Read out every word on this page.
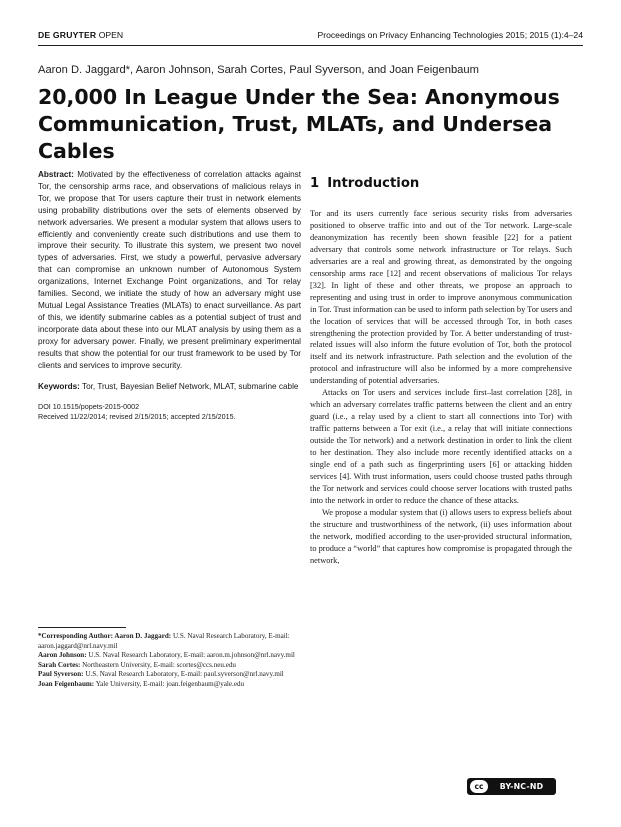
DE GRUYTER OPEN	Proceedings on Privacy Enhancing Technologies 2015; 2015 (1):4–24
Aaron D. Jaggard*, Aaron Johnson, Sarah Cortes, Paul Syverson, and Joan Feigenbaum
20,000 In League Under the Sea: Anonymous Communication, Trust, MLATs, and Undersea Cables
Abstract: Motivated by the effectiveness of correlation attacks against Tor, the censorship arms race, and observations of malicious relays in Tor, we propose that Tor users capture their trust in network elements using probability distributions over the sets of elements observed by network adversaries. We present a modular system that allows users to efficiently and conveniently create such distributions and use them to improve their security. To illustrate this system, we present two novel types of adversaries. First, we study a powerful, pervasive adversary that can compromise an unknown number of Autonomous System organizations, Internet Exchange Point organizations, and Tor relay families. Second, we initiate the study of how an adversary might use Mutual Legal Assistance Treaties (MLATs) to enact surveillance. As part of this, we identify submarine cables as a potential subject of trust and incorporate data about these into our MLAT analysis by using them as a proxy for adversary power. Finally, we present preliminary experimental results that show the potential for our trust framework to be used by Tor clients and services to improve security.
Keywords: Tor, Trust, Bayesian Belief Network, MLAT, submarine cable
DOI 10.1515/popets-2015-0002
Received 11/22/2014; revised 2/15/2015; accepted 2/15/2015.
*Corresponding Author: Aaron D. Jaggard: U.S. Naval Research Laboratory, E-mail: aaron.jaggard@nrl.navy.mil
Aaron Johnson: U.S. Naval Research Laboratory, E-mail: aaron.m.johnson@nrl.navy.mil
Sarah Cortes: Northeastern University, E-mail: scortes@ccs.neu.edu
Paul Syverson: U.S. Naval Research Laboratory, E-mail: paul.syverson@nrl.navy.mil
Joan Feigenbaum: Yale University, E-mail: joan.feigenbaum@yale.edu
1 Introduction

Tor and its users currently face serious security risks from adversaries positioned to observe traffic into and out of the Tor network. Large-scale deanonymization has recently been shown feasible [22] for a patient adversary that controls some network infrastructure or Tor relays. Such adversaries are a real and growing threat, as demonstrated by the ongoing censorship arms race [12] and recent observations of malicious Tor relays [32]. In light of these and other threats, we propose an approach to representing and using trust in order to improve anonymous communication in Tor. Trust information can be used to inform path selection by Tor users and the location of services that will be accessed through Tor, in both cases strengthening the protection provided by Tor. A better understanding of trust-related issues will also inform the future evolution of Tor, both the protocol itself and its network infrastructure. Path selection and the evolution of the protocol and infrastructure will also be informed by a more comprehensive understanding of potential adversaries.

Attacks on Tor users and services include first–last correlation [28], in which an adversary correlates traffic patterns between the client and an entry guard (i.e., a relay used by a client to start all connections into Tor) with traffic patterns between a Tor exit (i.e., a relay that will initiate connections outside the Tor network) and a network destination in order to link the client to her destination. They also include more recently identified attacks on a single end of a path such as fingerprinting users [6] or attacking hidden services [4]. With trust information, users could choose trusted paths through the Tor network and services could choose server locations with trusted paths into the network in order to reduce the chance of these attacks.

We propose a modular system that (i) allows users to express beliefs about the structure and trustworthiness of the network, (ii) uses information about the network, modified according to the user-provided structural information, to produce a “world” that captures how compromise is propagated through the network,

cc	BY-NC-ND
